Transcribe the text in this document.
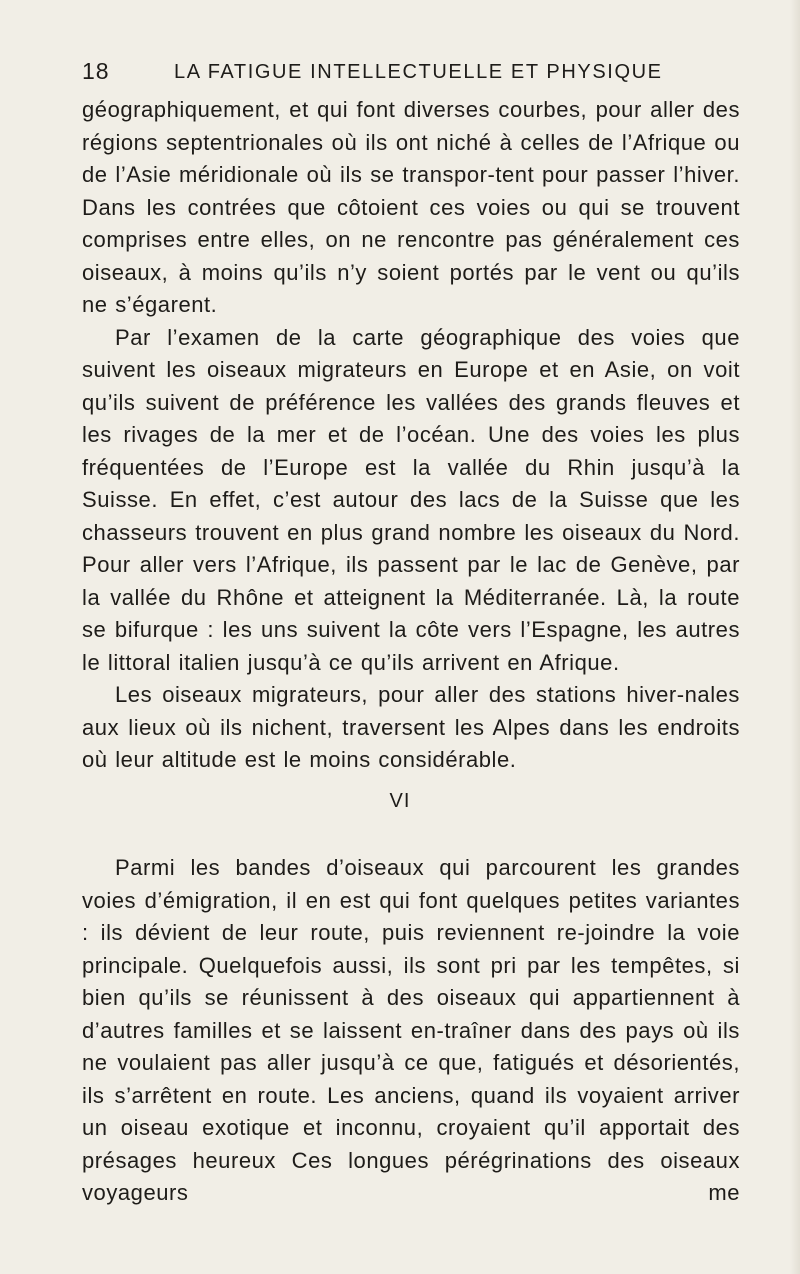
18	LA FATIGUE INTELLECTUELLE ET PHYSIQUE

géographiquement, et qui font diverses courbes, pour aller des régions septentrionales où ils ont niché à celles de l’Afrique ou de l’Asie méridionale où ils se transpor-tent pour passer l’hiver. Dans les contrées que côtoient ces voies ou qui se trouvent comprises entre elles, on ne rencontre pas généralement ces oiseaux, à moins qu’ils n’y soient portés par le vent ou qu’ils ne s’égarent.

Par l’examen de la carte géographique des voies que suivent les oiseaux migrateurs en Europe et en Asie, on voit qu’ils suivent de préférence les vallées des grands fleuves et les rivages de la mer et de l’océan. Une des voies les plus fréquentées de l’Europe est la vallée du Rhin jusqu’à la Suisse. En effet, c’est autour des lacs de la Suisse que les chasseurs trouvent en plus grand nombre les oiseaux du Nord. Pour aller vers l’Afrique, ils passent par le lac de Genève, par la vallée du Rhône et atteignent la Méditerranée. Là, la route se bifurque : les uns suivent la côte vers l’Espagne, les autres le littoral italien jusqu’à ce qu’ils arrivent en Afrique.

Les oiseaux migrateurs, pour aller des stations hiver-nales aux lieux où ils nichent, traversent les Alpes dans les endroits où leur altitude est le moins considérable.

VI

Parmi les bandes d’oiseaux qui parcourent les grandes voies d’émigration, il en est qui font quelques petites variantes : ils dévient de leur route, puis reviennent re-joindre la voie principale. Quelquefois aussi, ils sont pri par les tempêtes, si bien qu’ils se réunissent à des oiseaux qui appartiennent à d’autres familles et se laissent en-traîner dans des pays où ils ne voulaient pas aller jusqu’à ce que, fatigués et désorientés, ils s’arrêtent en route. Les anciens, quand ils voyaient arriver un oiseau exotique et inconnu, croyaient qu’il apportait des présages heureux Ces longues pérégrinations des oiseaux voyageurs me
